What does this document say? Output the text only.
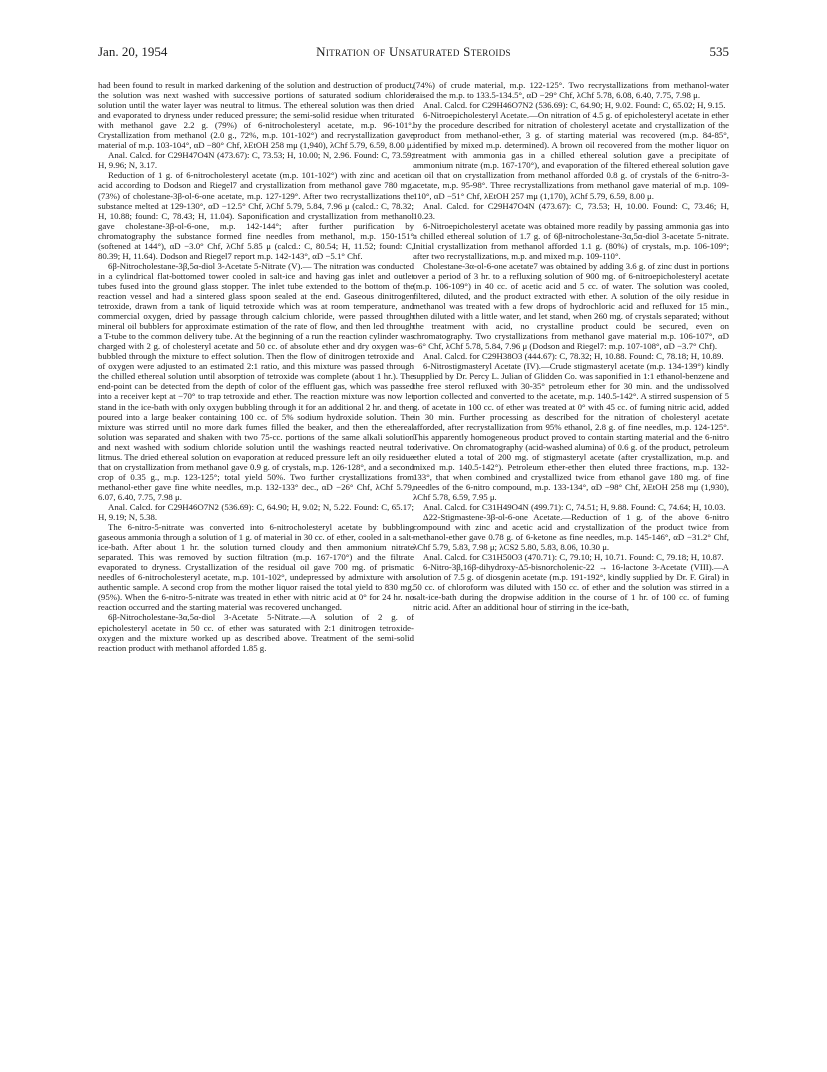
Jan. 20, 1954	Nitration of Unsaturated Steroids	535

had been found to result in marked darkening of the solution and destruction of product, the solution was next washed with successive portions of saturated sodium chloride solution until the water layer was neutral to litmus. The ethereal solution was then dried and evaporated to dryness under reduced pressure; the semi-solid residue when triturated with methanol gave 2.2 g. (79%) of 6-nitrocholesteryl acetate, m.p. 96-101°. Crystallization from methanol (2.0 g., 72%, m.p. 101-102°) and recrystallization gave material of m.p. 103-104°, αD −80° Chf, λEtOH 258 mμ (1,940), λChf 5.79, 6.59, 8.00 μ.

Anal. Calcd. for C29H47O4N (473.67): C, 73.53; H, 10.00; N, 2.96. Found: C, 73.59; H, 9.96; N, 3.17.

Reduction of 1 g. of 6-nitrocholesteryl acetate (m.p. 101-102°) with zinc and acetic acid according to Dodson and Riegel7 and crystallization from methanol gave 780 mg. (73%) of cholestane-3β-ol-6-one acetate, m.p. 127-129°. After two recrystallizations the substance melted at 129-130°, αD −12.5° Chf, λChf 5.79, 5.84, 7.96 μ (calcd.: C, 78.32; H, 10.88; found: C, 78.43; H, 11.04). Saponification and crystallization from methanol gave cholestane-3β-ol-6-one, m.p. 142-144°; after further purification by chromatography the substance formed fine needles from methanol, m.p. 150-151° (softened at 144°), αD −3.0° Chf, λChf 5.85 μ (calcd.: C, 80.54; H, 11.52; found: C, 80.39; H, 11.64). Dodson and Riegel7 report m.p. 142-143°, αD −5.1° Chf.

6β-Nitrocholestane-3β,5α-diol 3-Acetate 5-Nitrate (V).— The nitration was conducted in a cylindrical flat-bottomed tower cooled in salt-ice and having gas inlet and outlet tubes fused into the ground glass stopper. The inlet tube extended to the bottom of the reaction vessel and had a sintered glass spoon sealed at the end. Gaseous dinitrogen tetroxide, drawn from a tank of liquid tetroxide which was at room temperature, and commercial oxygen, dried by passage through calcium chloride, were passed through mineral oil bubblers for approximate estimation of the rate of flow, and then led through a T-tube to the common delivery tube. At the beginning of a run the reaction cylinder was charged with 2 g. of cholesteryl acetate and 50 cc. of absolute ether and dry oxygen was bubbled through the mixture to effect solution. Then the flow of dinitrogen tetroxide and of oxygen were adjusted to an estimated 2:1 ratio, and this mixture was passed through the chilled ethereal solution until absorption of tetroxide was complete (about 1 hr.). The end-point can be detected from the depth of color of the effluent gas, which was passed into a receiver kept at −70° to trap tetroxide and ether. The reaction mixture was now let stand in the ice-bath with only oxygen bubbling through it for an additional 2 hr. and then poured into a large beaker containing 100 cc. of 5% sodium hydroxide solution. The mixture was stirred until no more dark fumes filled the beaker, and then the ethereal solution was separated and shaken with two 75-cc. portions of the same alkali solution and next washed with sodium chloride solution until the washings reacted neutral to litmus. The dried ethereal solution on evaporation at reduced pressure left an oily residue that on crystallization from methanol gave 0.9 g. of crystals, m.p. 126-128°, and a second crop of 0.35 g., m.p. 123-125°; total yield 50%. Two further crystallizations from methanol-ether gave fine white needles, m.p. 132-133° dec., αD −26° Chf, λChf 5.79, 6.07, 6.40, 7.75, 7.98 μ.

Anal. Calcd. for C29H46O7N2 (536.69): C, 64.90; H, 9.02; N, 5.22. Found: C, 65.17; H, 9.19; N, 5.38.

The 6-nitro-5-nitrate was converted into 6-nitrocholesteryl acetate by bubbling gaseous ammonia through a solution of 1 g. of material in 30 cc. of ether, cooled in a salt-ice-bath. After about 1 hr. the solution turned cloudy and then ammonium nitrate separated. This was removed by suction filtration (m.p. 167-170°) and the filtrate evaporated to dryness. Crystallization of the residual oil gave 700 mg. of prismatic needles of 6-nitrocholesteryl acetate, m.p. 101-102°, undepressed by admixture with an authentic sample. A second crop from the mother liquor raised the total yield to 830 mg. (95%). When the 6-nitro-5-nitrate was treated in ether with nitric acid at 0° for 24 hr. no reaction occurred and the starting material was recovered unchanged.

6β-Nitrocholestane-3α,5α-diol 3-Acetate 5-Nitrate.—A solution of 2 g. of epicholesteryl acetate in 50 cc. of ether was saturated with 2:1 dinitrogen tetroxide-oxygen and the mixture worked up as described above. Treatment of the semi-solid reaction product with methanol afforded 1.85 g.

(74%) of crude material, m.p. 122-125°. Two recrystallizations from methanol-water raised the m.p. to 133.5-134.5°, αD −29° Chf, λChf 5.78, 6.08, 6.40, 7.75, 7.98 μ.

Anal. Calcd. for C29H46O7N2 (536.69): C, 64.90; H, 9.02. Found: C, 65.02; H, 9.15.

6-Nitroepicholesteryl Acetate.—On nitration of 4.5 g. of epicholesteryl acetate in ether by the procedure described for nitration of cholesteryl acetate and crystallization of the product from methanol-ether, 3 g. of starting material was recovered (m.p. 84-85°, identified by mixed m.p. determined). A brown oil recovered from the mother liquor on treatment with ammonia gas in a chilled ethereal solution gave a precipitate of ammonium nitrate (m.p. 167-170°), and evaporation of the filtered ethereal solution gave an oil that on crystallization from methanol afforded 0.8 g. of crystals of the 6-nitro-3-acetate, m.p. 95-98°. Three recrystallizations from methanol gave material of m.p. 109-110°, αD −51° Chf, λEtOH 257 mμ (1,170), λChf 5.79, 6.59, 8.00 μ.

Anal. Calcd. for C29H47O4N (473.67): C, 73.53; H, 10.00. Found: C, 73.46; H, 10.23.

6-Nitroepicholesteryl acetate was obtained more readily by passing ammonia gas into a chilled ethereal solution of 1.7 g. of 6β-nitrocholestane-3α,5α-diol 3-acetate 5-nitrate. Initial crystallization from methanol afforded 1.1 g. (80%) of crystals, m.p. 106-109°; after two recrystallizations, m.p. and mixed m.p. 109-110°.

Cholestane-3α-ol-6-one acetate7 was obtained by adding 3.6 g. of zinc dust in portions over a period of 3 hr. to a refluxing solution of 900 mg. of 6-nitroepicholesteryl acetate (m.p. 106-109°) in 40 cc. of acetic acid and 5 cc. of water. The solution was cooled, filtered, diluted, and the product extracted with ether. A solution of the oily residue in methanol was treated with a few drops of hydrochloric acid and refluxed for 15 min., then diluted with a little water, and let stand, when 260 mg. of crystals separated; without the treatment with acid, no crystalline product could be secured, even on chromatography. Two crystallizations from methanol gave material m.p. 106-107°, αD −6° Chf, λChf 5.78, 5.84, 7.96 μ (Dodson and Riegel7: m.p. 107-108°, αD −3.7° Chf).

Anal. Calcd. for C29H38O3 (444.67): C, 78.32; H, 10.88. Found: C, 78.18; H, 10.89.

6-Nitrostigmasteryl Acetate (IV).—Crude stigmasteryl acetate (m.p. 134-139°) kindly supplied by Dr. Percy L. Julian of Glidden Co. was saponified in 1:1 ethanol-benzene and the free sterol refluxed with 30-35° petroleum ether for 30 min. and the undissolved portion collected and converted to the acetate, m.p. 140.5-142°. A stirred suspension of 5 g. of acetate in 100 cc. of ether was treated at 0° with 45 cc. of fuming nitric acid, added in 30 min. Further processing as described for the nitration of cholesteryl acetate afforded, after recrystallization from 95% ethanol, 2.8 g. of fine needles, m.p. 124-125°. This apparently homogeneous product proved to contain starting material and the 6-nitro derivative. On chromatography (acid-washed alumina) of 0.6 g. of the product, petroleum ether eluted a total of 200 mg. of stigmasteryl acetate (after crystallization, m.p. and mixed m.p. 140.5-142°). Petroleum ether-ether then eluted three fractions, m.p. 132-133°, that when combined and crystallized twice from ethanol gave 180 mg. of fine needles of the 6-nitro compound, m.p. 133-134°, αD −98° Chf, λEtOH 258 mμ (1,930), λChf 5.78, 6.59, 7.95 μ.

Anal. Calcd. for C31H49O4N (499.71): C, 74.51; H, 9.88. Found: C, 74.64; H, 10.03.

Δ22-Stigmastene-3β-ol-6-one Acetate.—Reduction of 1 g. of the above 6-nitro compound with zinc and acetic acid and crystallization of the product twice from methanol-ether gave 0.78 g. of 6-ketone as fine needles, m.p. 145-146°, αD −31.2° Chf, λChf 5.79, 5.83, 7.98 μ; λCS2 5.80, 5.83, 8.06, 10.30 μ.

Anal. Calcd. for C31H50O3 (470.71): C, 79.10; H, 10.71. Found: C, 79.18; H, 10.87.

6-Nitro-3β,16β-dihydroxy-Δ5-bisnorcholenic-22 → 16-lactone 3-Acetate (VIII).—A solution of 7.5 g. of diosgenin acetate (m.p. 191-192°, kindly supplied by Dr. F. Giral) in 50 cc. of chloroform was diluted with 150 cc. of ether and the solution was stirred in a salt-ice-bath during the dropwise addition in the course of 1 hr. of 100 cc. of fuming nitric acid. After an additional hour of stirring in the ice-bath,
